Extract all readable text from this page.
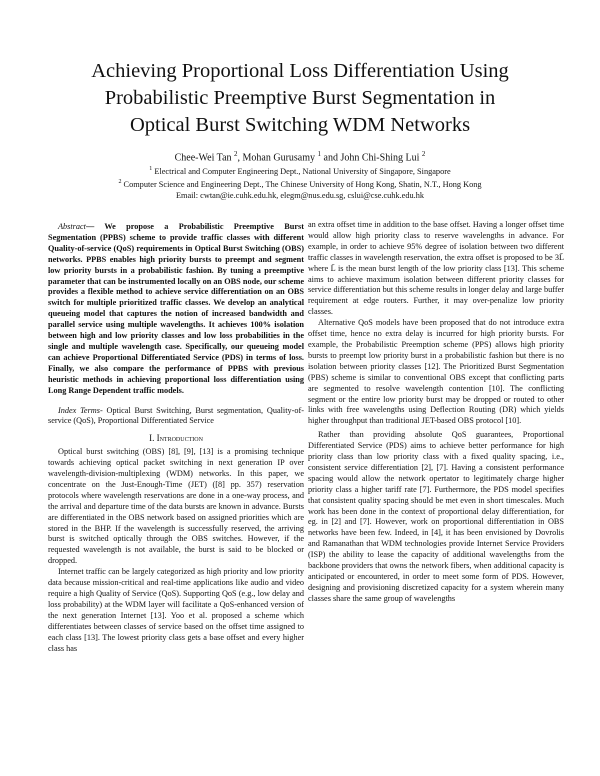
Achieving Proportional Loss Differentiation Using
Probabilistic Preemptive Burst Segmentation in
Optical Burst Switching WDM Networks
Chee-Wei Tan $^2$, Mohan Gurusamy $^1$ and John Chi-Shing Lui $^2$
$^1$ Electrical and Computer Engineering Dept., National University of Singapore, Singapore
$^2$ Computer Science and Engineering Dept., The Chinese University of Hong Kong, Shatin, N.T., Hong Kong
Email: cwtan@ie.cuhk.edu.hk, elegm@nus.edu.sg, cslui@cse.cuhk.edu.hk

Abstract— We propose a Probabilistic Preemptive Burst Segmentation (PPBS) scheme to provide traffic classes with different Quality-of-service (QoS) requirements in Optical Burst Switching (OBS) networks. PPBS enables high priority bursts to preempt and segment low priority bursts in a probabilistic fashion. By tuning a preemptive parameter that can be instrumented locally on an OBS node, our scheme provides a flexible method to achieve service differentiation on an OBS switch for multiple prioritized traffic classes. We develop an analytical queueing model that captures the notion of increased bandwidth and parallel service using multiple wavelengths. It achieves 100% isolation between high and low priority classes and low loss probabilities in the single and multiple wavelength case. Specifically, our queueing model can achieve Proportional Differentiated Service (PDS) in terms of loss. Finally, we also compare the performance of PPBS with previous heuristic methods in achieving proportional loss differentiation using Long Range Dependent traffic models.

Index Terms- Optical Burst Switching, Burst segmentation, Quality-of-service (QoS), Proportional Differentiated Service

I. Introduction

Optical burst switching (OBS) [8], [9], [13] is a promising technique towards achieving optical packet switching in next generation IP over wavelength-division-multiplexing (WDM) networks. In this paper, we concentrate on the Just-Enough-Time (JET) ([8] pp. 357) reservation protocols where wavelength reservations are done in a one-way process, and the arrival and departure time of the data bursts are known in advance. Bursts are differentiated in the OBS network based on assigned priorities which are stored in the BHP. If the wavelength is successfully reserved, the arriving burst is switched optically through the OBS switches. However, if the requested wavelength is not available, the burst is said to be blocked or dropped.

Internet traffic can be largely categorized as high priority and low priority data because mission-critical and real-time applications like audio and video require a high Quality of Service (QoS). Supporting QoS (e.g., low delay and loss probability) at the WDM layer will facilitate a QoS-enhanced version of the next generation Internet [13]. Yoo et al. proposed a scheme which differentiates between classes of service based on the offset time assigned to each class [13]. The lowest priority class gets a base offset and every higher class has

an extra offset time in addition to the base offset. Having a longer offset time would allow high priority class to reserve wavelengths in advance. For example, in order to achieve 95% degree of isolation between two different traffic classes in wavelength reservation, the extra offset is proposed to be 3L̄ where L̄ is the mean burst length of the low priority class [13]. This scheme aims to achieve maximum isolation between different priority classes for service differentiation but this scheme results in longer delay and large buffer requirement at edge routers. Further, it may over-penalize low priority classes.

Alternative QoS models have been proposed that do not introduce extra offset time, hence no extra delay is incurred for high priority bursts. For example, the Probabilistic Preemption scheme (PPS) allows high priority bursts to preempt low priority burst in a probabilistic fashion but there is no isolation between priority classes [12]. The Prioritized Burst Segmentation (PBS) scheme is similar to conventional OBS except that conflicting parts are segmented to resolve wavelength contention [10]. The conflicting segment or the entire low priority burst may be dropped or routed to other links with free wavelengths using Deflection Routing (DR) which yields higher throughput than traditional JET-based OBS protocol [10].

Rather than providing absolute QoS guarantees, Proportional Differentiated Service (PDS) aims to achieve better performance for high priority class than low priority class with a fixed quality spacing, i.e., consistent service differentiation [2], [7]. Having a consistent performance spacing would allow the network opertator to legitimately charge higher priority class a higher tariff rate [7]. Furthermore, the PDS model specifies that consistent quality spacing should be met even in short timescales. Much work has been done in the context of proportional delay differentiation, for eg. in [2] and [7]. However, work on proportional differentiation in OBS networks have been few. Indeed, in [4], it has been envisioned by Dovrolis and Ramanathan that WDM technologies provide Internet Service Providers (ISP) the ability to lease the capacity of additional wavelengths from the backbone providers that owns the network fibers, when additional capacity is anticipated or encountered, in order to meet some form of PDS. However, designing and provisioning discretized capacity for a system wherein many classes share the same group of wavelengths
